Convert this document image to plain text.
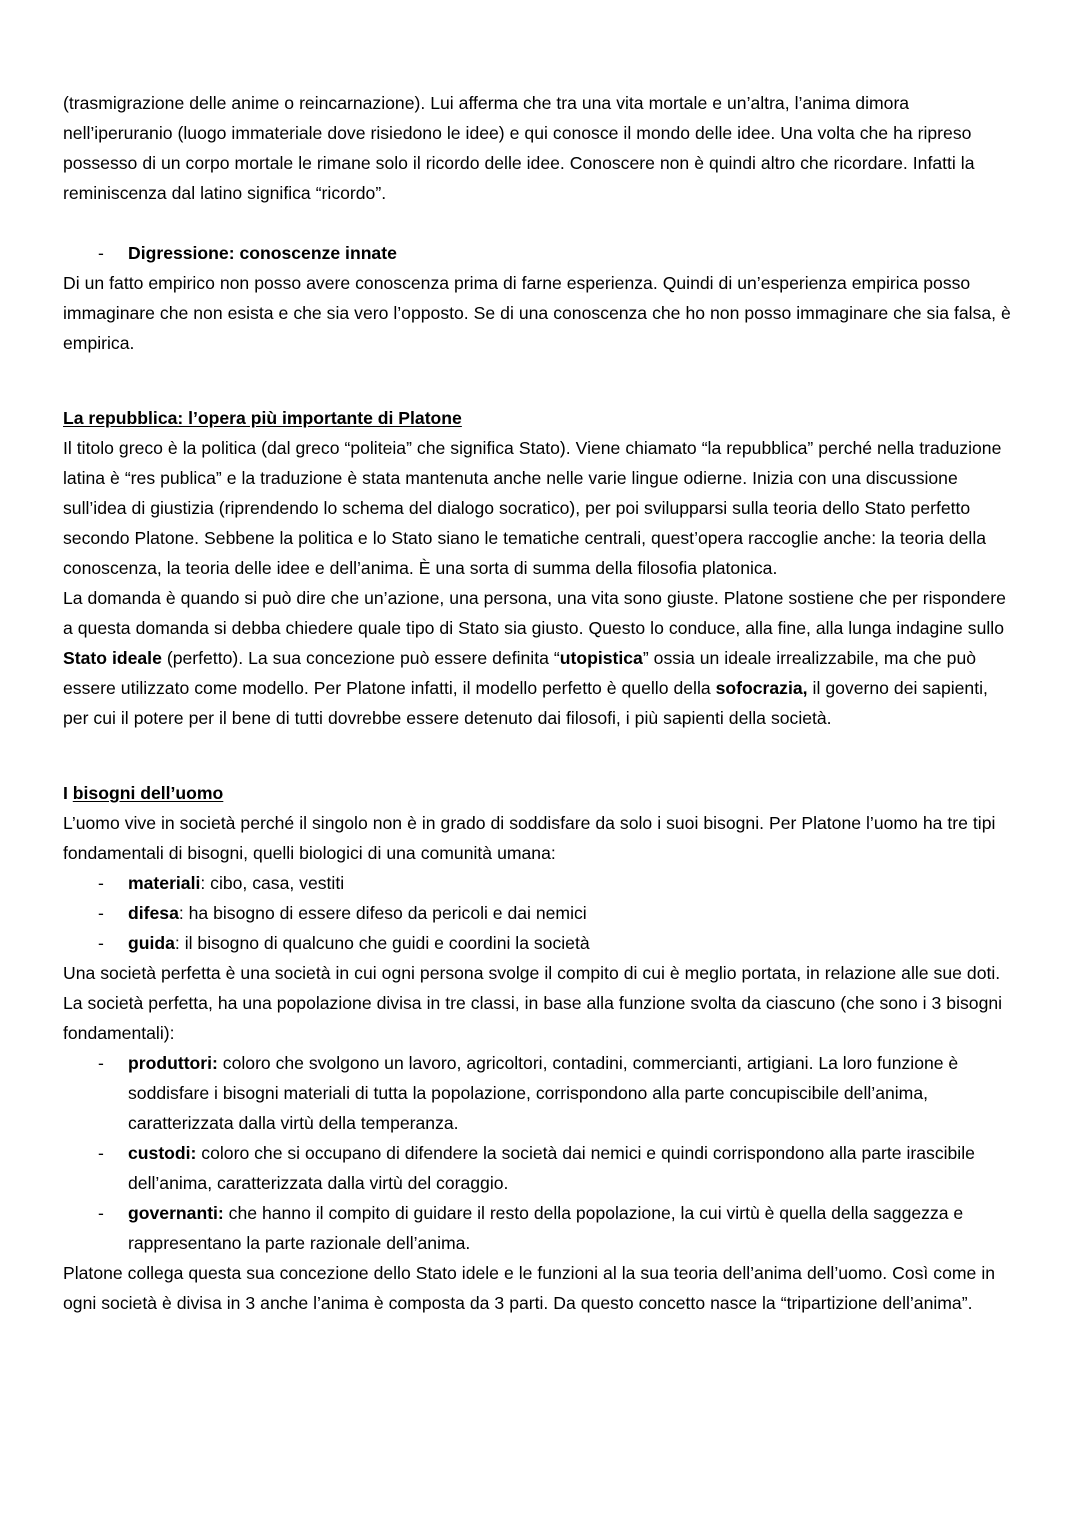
(trasmigrazione delle anime o reincarnazione). Lui afferma che tra una vita mortale e un’altra, l’anima dimora nell’iperuranio (luogo immateriale dove risiedono le idee) e qui conosce il mondo delle idee. Una volta che ha ripreso possesso di un corpo mortale le rimane solo il ricordo delle idee. Conoscere non è quindi altro che ricordare. Infatti la reminiscenza dal latino significa “ricordo”.

- Digressione: conoscenze innate

Di un fatto empirico non posso avere conoscenza prima di farne esperienza. Quindi di un’esperienza empirica posso immaginare che non esista e che sia vero l’opposto. Se di una conoscenza che ho non posso immaginare che sia falsa, è empirica.

La repubblica: l’opera più importante di Platone

Il titolo greco è la politica (dal greco “politeia” che significa Stato). Viene chiamato “la repubblica” perché nella traduzione latina è “res publica” e la traduzione è stata mantenuta anche nelle varie lingue odierne. Inizia con una discussione sull’idea di giustizia (riprendendo lo schema del dialogo socratico), per poi svilupparsi sulla teoria dello Stato perfetto secondo Platone. Sebbene la politica e lo Stato siano le tematiche centrali, quest’opera raccoglie anche: la teoria della conoscenza, la teoria delle idee e dell’anima. È una sorta di summa della filosofia platonica.

La domanda è quando si può dire che un’azione, una persona, una vita sono giuste. Platone sostiene che per rispondere a questa domanda si debba chiedere quale tipo di Stato sia giusto. Questo lo conduce, alla fine, alla lunga indagine sullo Stato ideale (perfetto). La sua concezione può essere definita “utopistica” ossia un ideale irrealizzabile, ma che può essere utilizzato come modello. Per Platone infatti, il modello perfetto è quello della sofocrazia, il governo dei sapienti, per cui il potere per il bene di tutti dovrebbe essere detenuto dai filosofi, i più sapienti della società.

I bisogni dell’uomo

L’uomo vive in società perché il singolo non è in grado di soddisfare da solo i suoi bisogni. Per Platone l’uomo ha tre tipi fondamentali di bisogni, quelli biologici di una comunità umana:

- materiali: cibo, casa, vestiti

- difesa: ha bisogno di essere difeso da pericoli e dai nemici

- guida: il bisogno di qualcuno che guidi e coordini la società

Una società perfetta è una società in cui ogni persona svolge il compito di cui è meglio portata, in relazione alle sue doti. La società perfetta, ha una popolazione divisa in tre classi, in base alla funzione svolta da ciascuno (che sono i 3 bisogni fondamentali):

- produttori: coloro che svolgono un lavoro, agricoltori, contadini, commercianti, artigiani. La loro funzione è soddisfare i bisogni materiali di tutta la popolazione, corrispondono alla parte concupiscibile dell’anima, caratterizzata dalla virtù della temperanza.

- custodi: coloro che si occupano di difendere la società dai nemici e quindi corrispondono alla parte irascibile dell’anima, caratterizzata dalla virtù del coraggio.

- governanti: che hanno il compito di guidare il resto della popolazione, la cui virtù è quella della saggezza e rappresentano la parte razionale dell’anima.

Platone collega questa sua concezione dello Stato idele e le funzioni al la sua teoria dell’anima dell’uomo. Così come in ogni società è divisa in 3 anche l’anima è composta da 3 parti. Da questo concetto nasce la “tripartizione dell’anima”.
